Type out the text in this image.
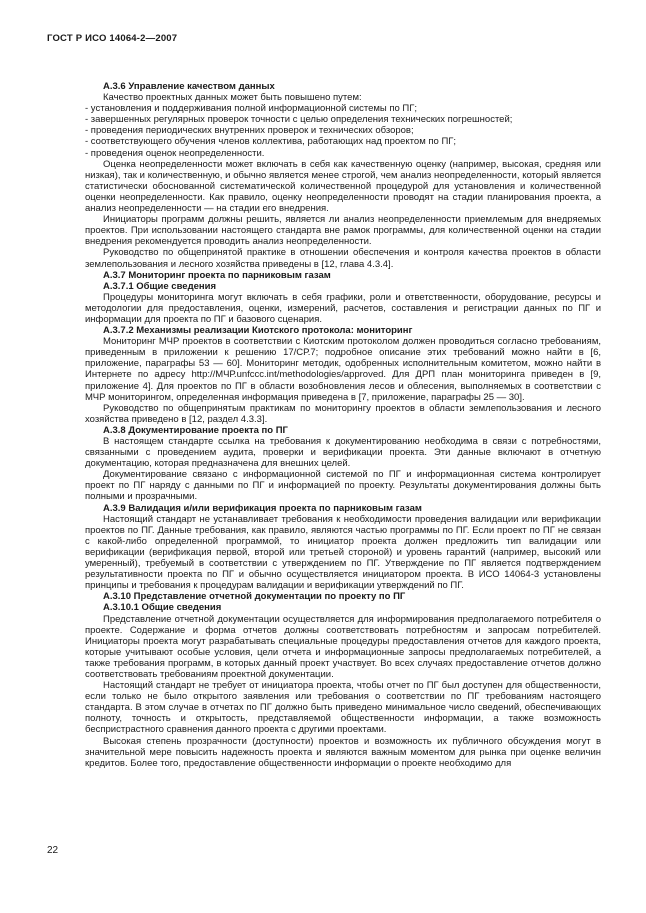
ГОСТ Р ИСО 14064-2—2007

А.3.6 Управление качеством данных

Качество проектных данных может быть повышено путем:

- установления и поддерживания полной информационной системы по ПГ;

- завершенных регулярных проверок точности с целью определения технических погрешностей;

- проведения периодических внутренних проверок и технических обзоров;

- соответствующего обучения членов коллектива, работающих над проектом по ПГ;

- проведения оценок неопределенности.

Оценка неопределенности может включать в себя как качественную оценку (например, высокая, средняя или низкая), так и количественную, и обычно является менее строгой, чем анализ неопределенности, который является статистически обоснованной систематической количественной процедурой для установления и количественной оценки неопределенности. Как правило, оценку неопределенности проводят на стадии планирования проекта, а анализ неопределенности — на стадии его внедрения.

Инициаторы программ должны решить, является ли анализ неопределенности приемлемым для внедряемых проектов. При использовании настоящего стандарта вне рамок программы, для количественной оценки на стадии внедрения рекомендуется проводить анализ неопределенности.

Руководство по общепринятой практике в отношении обеспечения и контроля качества проектов в области землепользования и лесного хозяйства приведены в [12, глава 4.3.4].

А.3.7 Мониторинг проекта по парниковым газам

А.3.7.1 Общие сведения

Процедуры мониторинга могут включать в себя графики, роли и ответственности, оборудование, ресурсы и методологии для предоставления, оценки, измерений, расчетов, составления и регистрации данных по ПГ и информации для проекта по ПГ и базового сценария.

А.3.7.2 Механизмы реализации Киотского протокола: мониторинг

Мониторинг МЧР проектов в соответствии с Киотским протоколом должен проводиться согласно требованиям, приведенным в приложении к решению 17/СР.7; подробное описание этих требований можно найти в [6, приложение, параграфы 53 — 60]. Мониторинг методик, одобренных исполнительным комитетом, можно найти в Интернете по адресу http://МЧР.unfccc.int/methodologies/approved. Для ДРП план мониторинга приведен в [9, приложение 4]. Для проектов по ПГ в области возобновления лесов и облесения, выполняемых в соответствии с МЧР мониторингом, определенная информация приведена в [7, приложение, параграфы 25 — 30].

Руководство по общепринятым практикам по мониторингу проектов в области землепользования и лесного хозяйства приведено в [12, раздел 4.3.3].

А.3.8 Документирование проекта по ПГ

В настоящем стандарте ссылка на требования к документированию необходима в связи с потребностями, связанными с проведением аудита, проверки и верификации проекта. Эти данные включают в отчетную документацию, которая предназначена для внешних целей.

Документирование связано с информационной системой по ПГ и информационная система контролирует проект по ПГ наряду с данными по ПГ и информацией по проекту. Результаты документирования должны быть полными и прозрачными.

А.3.9 Валидация и/или верификация проекта по парниковым газам

Настоящий стандарт не устанавливает требования к необходимости проведения валидации или верификации проектов по ПГ. Данные требования, как правило, являются частью программы по ПГ. Если проект по ПГ не связан с какой-либо определенной программой, то инициатор проекта должен предложить тип валидации или верификации (верификация первой, второй или третьей стороной) и уровень гарантий (например, высокий или умеренный), требуемый в соответствии с утверждением по ПГ. Утверждение по ПГ является подтверждением результативности проекта по ПГ и обычно осуществляется инициатором проекта. В ИСО 14064-3 установлены принципы и требования к процедурам валидации и верификации утверждений по ПГ.

А.3.10 Представление отчетной документации по проекту по ПГ

А.3.10.1 Общие сведения

Представление отчетной документации осуществляется для информирования предполагаемого потребителя о проекте. Содержание и форма отчетов должны соответствовать потребностям и запросам потребителей. Инициаторы проекта могут разрабатывать специальные процедуры предоставления отчетов для каждого проекта, которые учитывают особые условия, цели отчета и информационные запросы предполагаемых потребителей, а также требования программ, в которых данный проект участвует. Во всех случаях предоставление отчетов должно соответствовать требованиям проектной документации.

Настоящий стандарт не требует от инициатора проекта, чтобы отчет по ПГ был доступен для общественности, если только не было открытого заявления или требования о соответствии по ПГ требованиям настоящего стандарта. В этом случае в отчетах по ПГ должно быть приведено минимальное число сведений, обеспечивающих полноту, точность и открытость, представляемой общественности информации, а также возможность беспристрастного сравнения данного проекта с другими проектами.

Высокая степень прозрачности (доступности) проектов и возможность их публичного обсуждения могут в значительной мере повысить надежность проекта и являются важным моментом для рынка при оценке величин кредитов. Более того, предоставление общественности информации о проекте необходимо для

22
